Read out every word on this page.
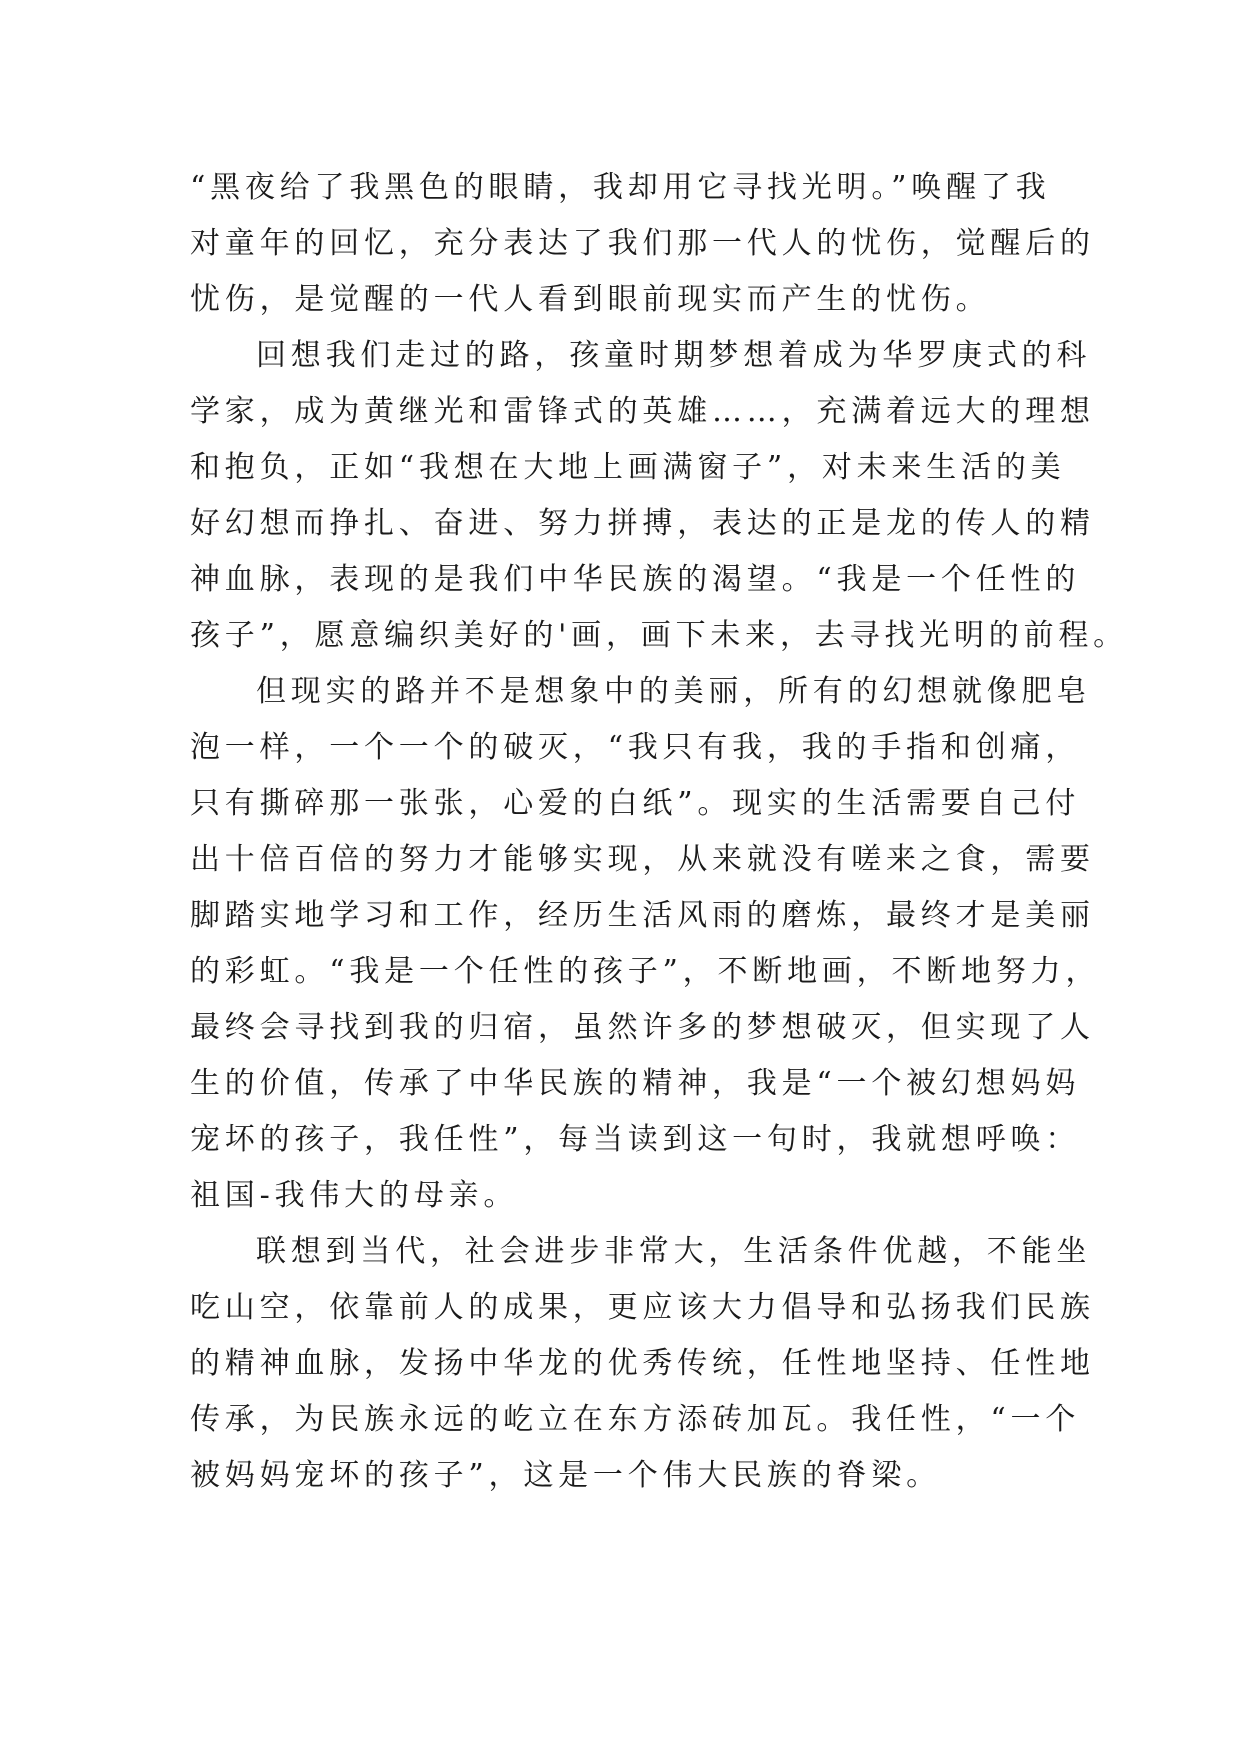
“黑夜给了我黑色的眼睛，我却用它寻找光明。”唤醒了我
对童年的回忆，充分表达了我们那一代人的忧伤，觉醒后的
忧伤，是觉醒的一代人看到眼前现实而产生的忧伤。
回想我们走过的路，孩童时期梦想着成为华罗庚式的科
学家，成为黄继光和雷锋式的英雄……，充满着远大的理想
和抱负，正如“我想在大地上画满窗子”，对未来生活的美
好幻想而挣扎、奋进、努力拼搏，表达的正是龙的传人的精
神血脉，表现的是我们中华民族的渴望。“我是一个任性的
孩子”，愿意编织美好的'画，画下未来，去寻找光明的前程。
但现实的路并不是想象中的美丽，所有的幻想就像肥皂
泡一样，一个一个的破灭，“我只有我，我的手指和创痛，
只有撕碎那一张张，心爱的白纸”。现实的生活需要自己付
出十倍百倍的努力才能够实现，从来就没有嗟来之食，需要
脚踏实地学习和工作，经历生活风雨的磨炼，最终才是美丽
的彩虹。“我是一个任性的孩子”，不断地画，不断地努力，
最终会寻找到我的归宿，虽然许多的梦想破灭，但实现了人
生的价值，传承了中华民族的精神，我是“一个被幻想妈妈
宠坏的孩子，我任性”，每当读到这一句时，我就想呼唤：
祖国-我伟大的母亲。
联想到当代，社会进步非常大，生活条件优越，不能坐
吃山空，依靠前人的成果，更应该大力倡导和弘扬我们民族
的精神血脉，发扬中华龙的优秀传统，任性地坚持、任性地
传承，为民族永远的屹立在东方添砖加瓦。我任性，“一个
被妈妈宠坏的孩子”，这是一个伟大民族的脊梁。
